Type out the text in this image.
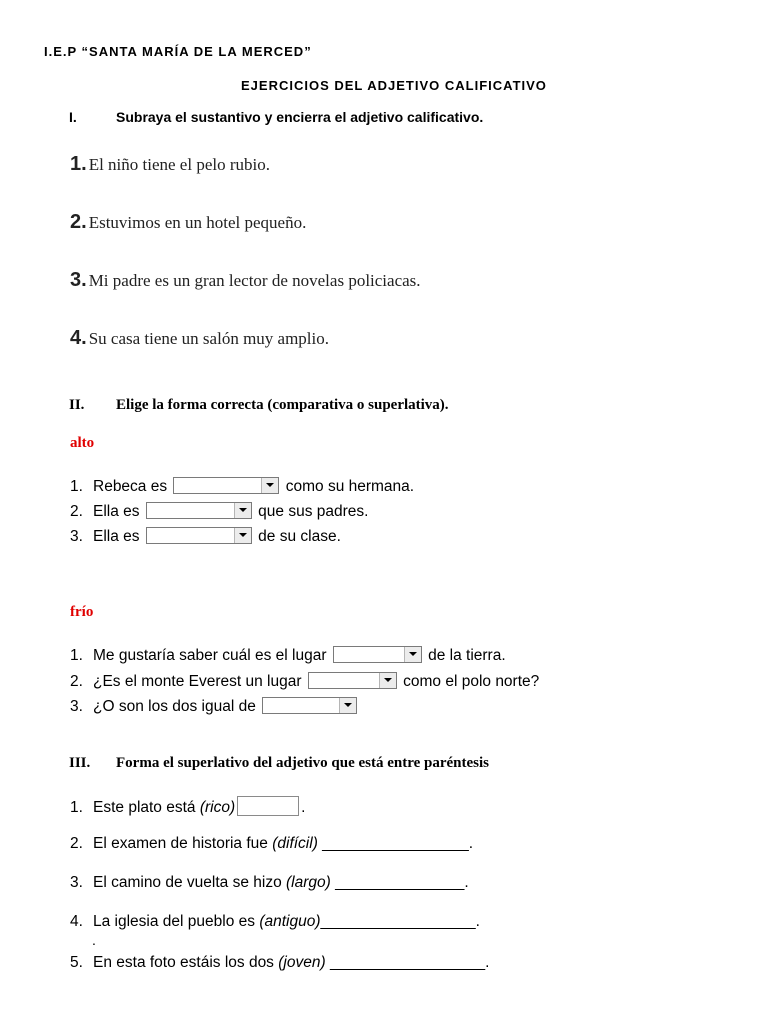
I.E.P “SANTA MARÍA DE LA MERCED”
EJERCICIOS DEL ADJETIVO CALIFICATIVO
I.	Subraya el sustantivo y encierra el adjetivo calificativo.
1. El niño tiene el pelo rubio.
2. Estuvimos en un hotel pequeño.
3. Mi padre es un gran lector de novelas policiacas.
4. Su casa tiene un salón muy amplio.
II. Elige la forma correcta (comparativa o superlativa).
alto
1. Rebeca es	como su hermana.
2. Ella es	que sus padres.
3. Ella es	de su clase.
frío
1. Me gustaría saber cuál es el lugar	de la tierra.
2. ¿Es el monte Everest un lugar	como el polo norte?
3. ¿O son los dos igual de
III. Forma el superlativo del adjetivo que está entre paréntesis
1. Este plato está (rico)	.
2. El examen de historia fue (difícil) _________________.
3. El camino de vuelta se hizo (largo) _______________.
4. La iglesia del pueblo es (antiguo)__________________.
.
5. En esta foto estáis los dos (joven) __________________.
